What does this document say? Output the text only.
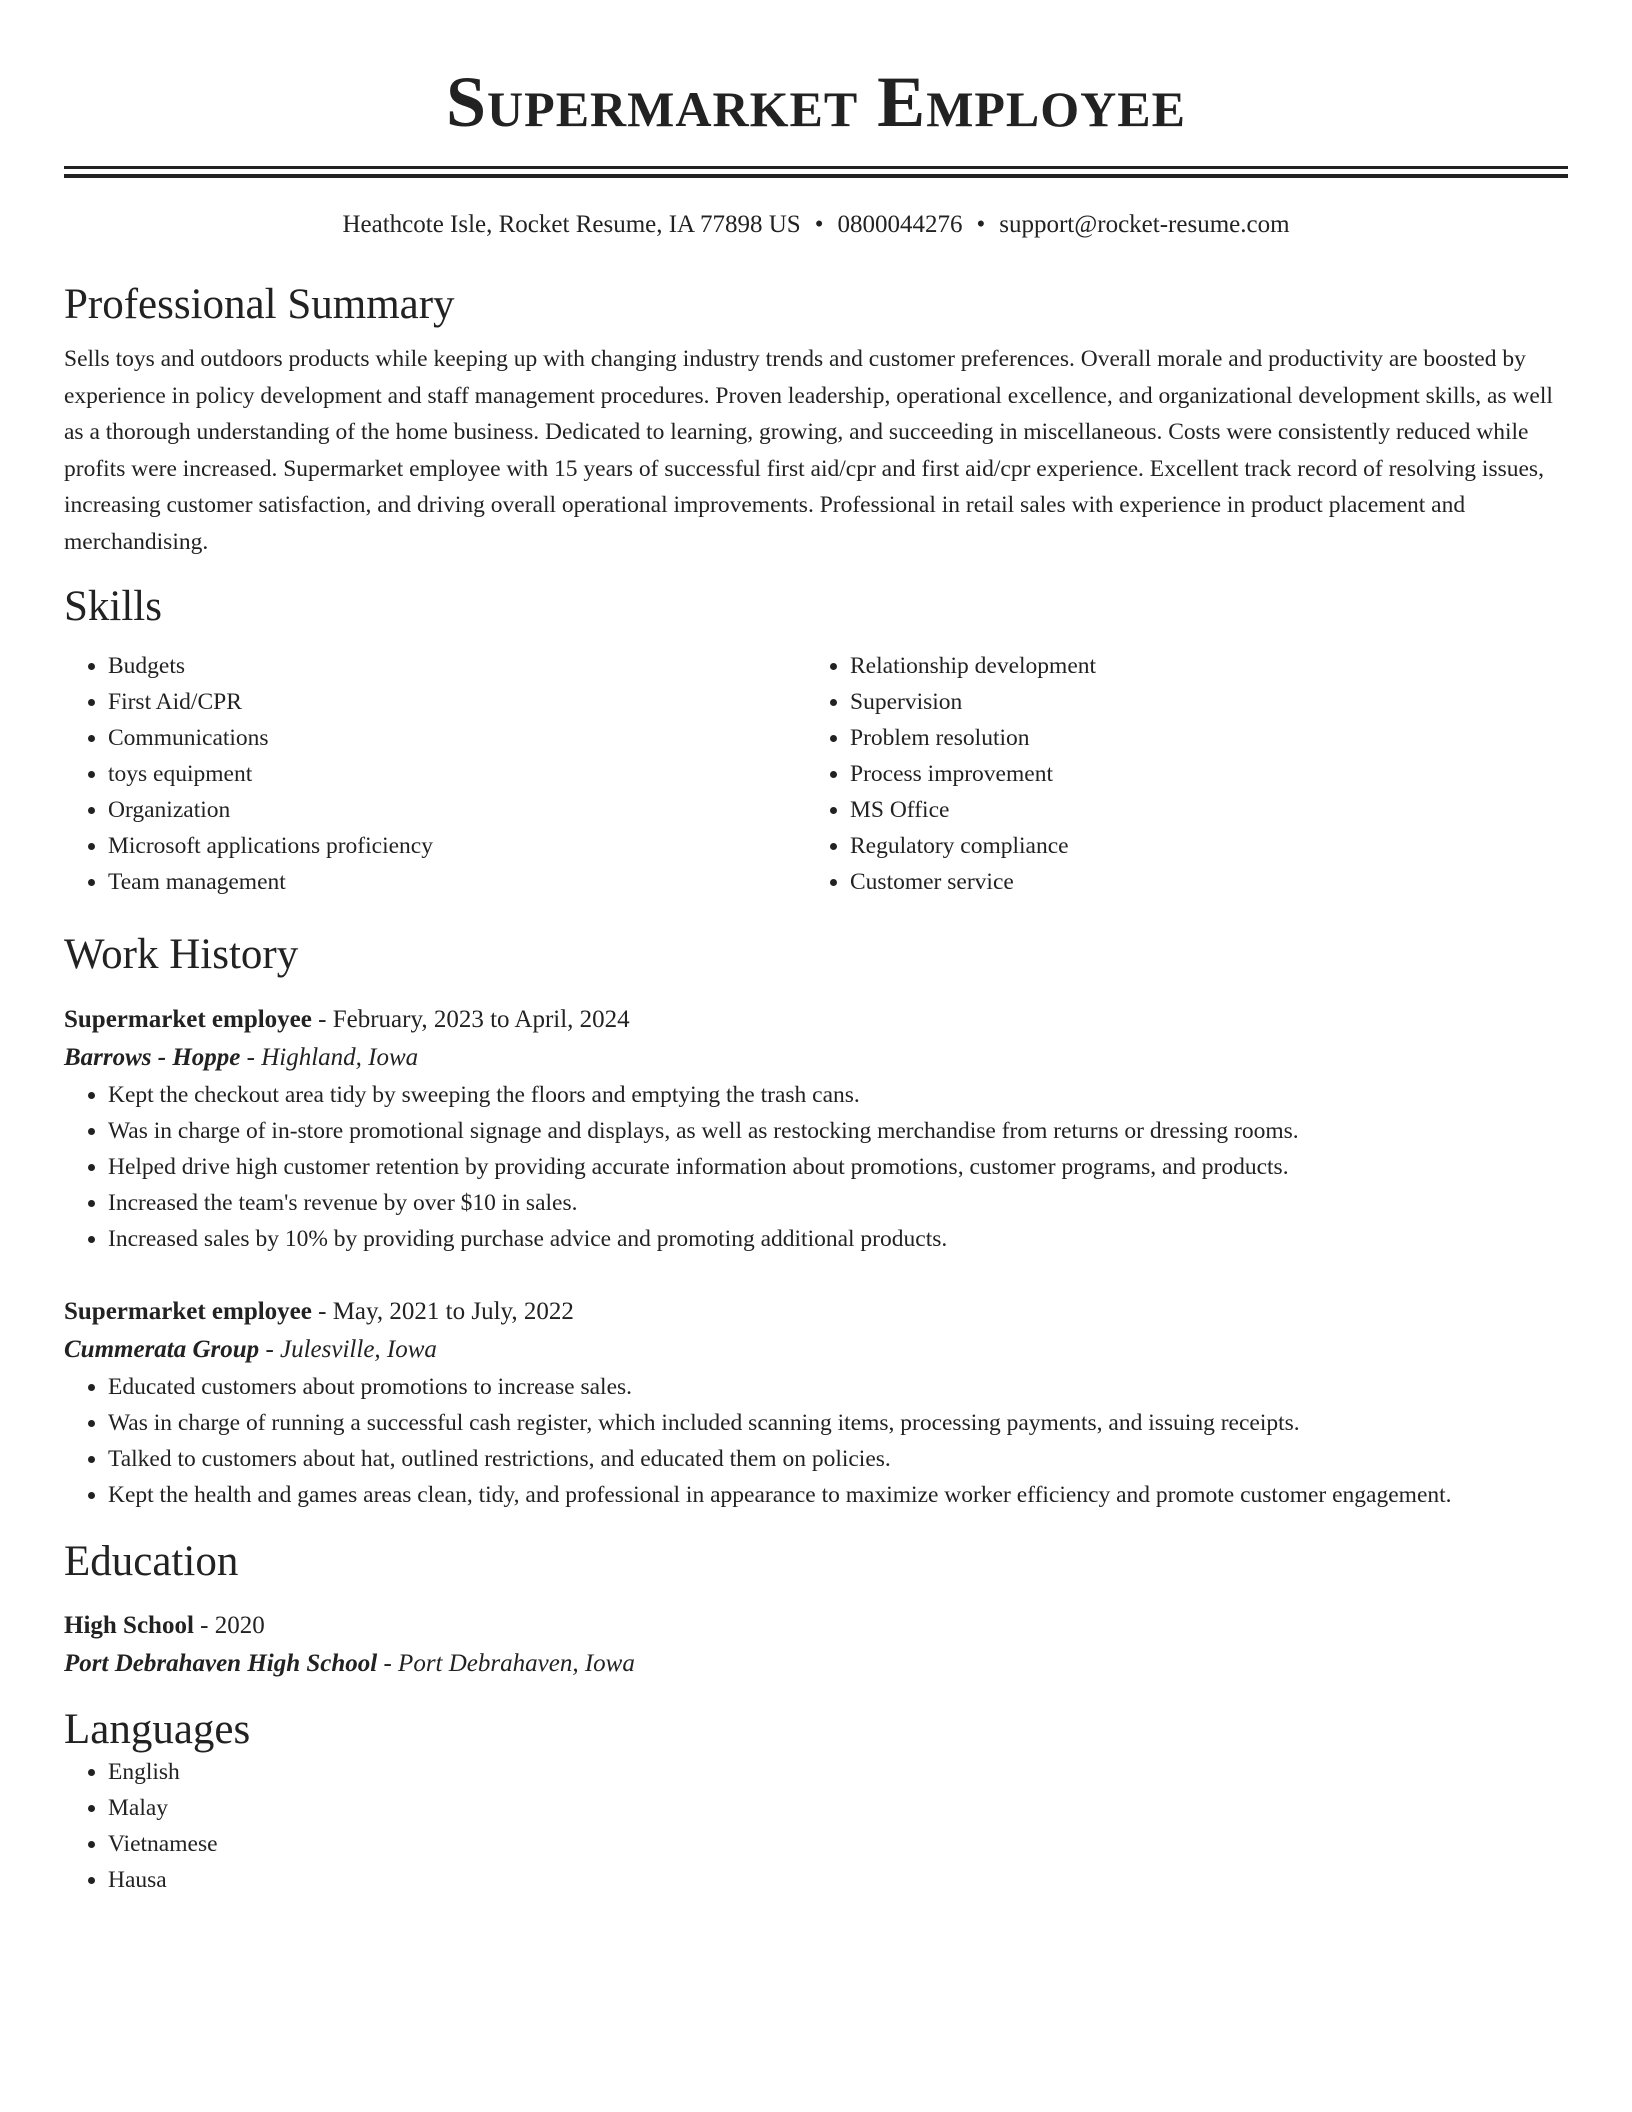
Supermarket Employee
Heathcote Isle, Rocket Resume, IA 77898 US • 0800044276 • support@rocket-resume.com
Professional Summary
Sells toys and outdoors products while keeping up with changing industry trends and customer preferences. Overall morale and productivity are boosted by experience in policy development and staff management procedures. Proven leadership, operational excellence, and organizational development skills, as well as a thorough understanding of the home business. Dedicated to learning, growing, and succeeding in miscellaneous. Costs were consistently reduced while profits were increased. Supermarket employee with 15 years of successful first aid/cpr and first aid/cpr experience. Excellent track record of resolving issues, increasing customer satisfaction, and driving overall operational improvements. Professional in retail sales with experience in product placement and merchandising.
Skills
• Budgets
• First Aid/CPR
• Communications
• toys equipment
• Organization
• Microsoft applications proficiency
• Team management
• Relationship development
• Supervision
• Problem resolution
• Process improvement
• MS Office
• Regulatory compliance
• Customer service
Work History
Supermarket employee - February, 2023 to April, 2024
Barrows - Hoppe - Highland, Iowa
• Kept the checkout area tidy by sweeping the floors and emptying the trash cans.
• Was in charge of in-store promotional signage and displays, as well as restocking merchandise from returns or dressing rooms.
• Helped drive high customer retention by providing accurate information about promotions, customer programs, and products.
• Increased the team's revenue by over $10 in sales.
• Increased sales by 10% by providing purchase advice and promoting additional products.
Supermarket employee - May, 2021 to July, 2022
Cummerata Group - Julesville, Iowa
• Educated customers about promotions to increase sales.
• Was in charge of running a successful cash register, which included scanning items, processing payments, and issuing receipts.
• Talked to customers about hat, outlined restrictions, and educated them on policies.
• Kept the health and games areas clean, tidy, and professional in appearance to maximize worker efficiency and promote customer engagement.
Education
High School - 2020
Port Debrahaven High School - Port Debrahaven, Iowa
Languages
• English
• Malay
• Vietnamese
• Hausa
